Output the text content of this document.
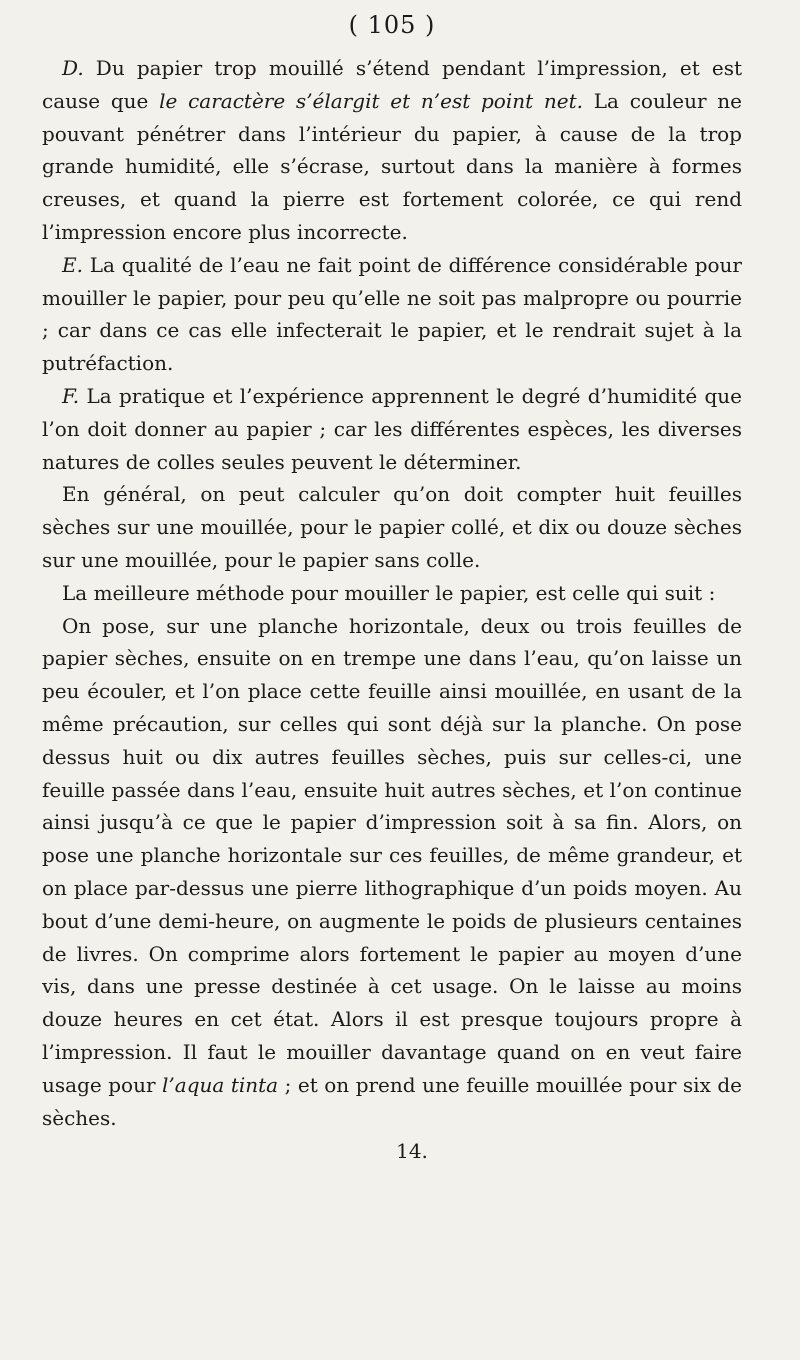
( 105 )

D. Du papier trop mouillé s’étend pendant l’impression, et est cause que le caractère s’élargit et n’est point net. La couleur ne pouvant pénétrer dans l’intérieur du papier, à cause de la trop grande humidité, elle s’écrase, surtout dans la manière à formes creuses, et quand la pierre est fortement colorée, ce qui rend l’impression encore plus incorrecte.

E. La qualité de l’eau ne fait point de différence considérable pour mouiller le papier, pour peu qu’elle ne soit pas malpropre ou pourrie ; car dans ce cas elle infecterait le papier, et le rendrait sujet à la putréfaction.

F. La pratique et l’expérience apprennent le degré d’humidité que l’on doit donner au papier ; car les différentes espèces, les diverses natures de colles seules peuvent le déterminer.

En général, on peut calculer qu’on doit compter huit feuilles sèches sur une mouillée, pour le papier collé, et dix ou douze sèches sur une mouillée, pour le papier sans colle.

La meilleure méthode pour mouiller le papier, est celle qui suit :

On pose, sur une planche horizontale, deux ou trois feuilles de papier sèches, ensuite on en trempe une dans l’eau, qu’on laisse un peu écouler, et l’on place cette feuille ainsi mouillée, en usant de la même précaution, sur celles qui sont déjà sur la planche. On pose dessus huit ou dix autres feuilles sèches, puis sur celles-ci, une feuille passée dans l’eau, ensuite huit autres sèches, et l’on continue ainsi jusqu’à ce que le papier d’impression soit à sa fin. Alors, on pose une planche horizontale sur ces feuilles, de même grandeur, et on place par-dessus une pierre lithographique d’un poids moyen. Au bout d’une demi-heure, on augmente le poids de plusieurs centaines de livres. On comprime alors fortement le papier au moyen d’une vis, dans une presse destinée à cet usage. On le laisse au moins douze heures en cet état. Alors il est presque toujours propre à l’impression. Il faut le mouiller davantage quand on en veut faire usage pour l’aqua tinta ; et on prend une feuille mouillée pour six de sèches.

14.
